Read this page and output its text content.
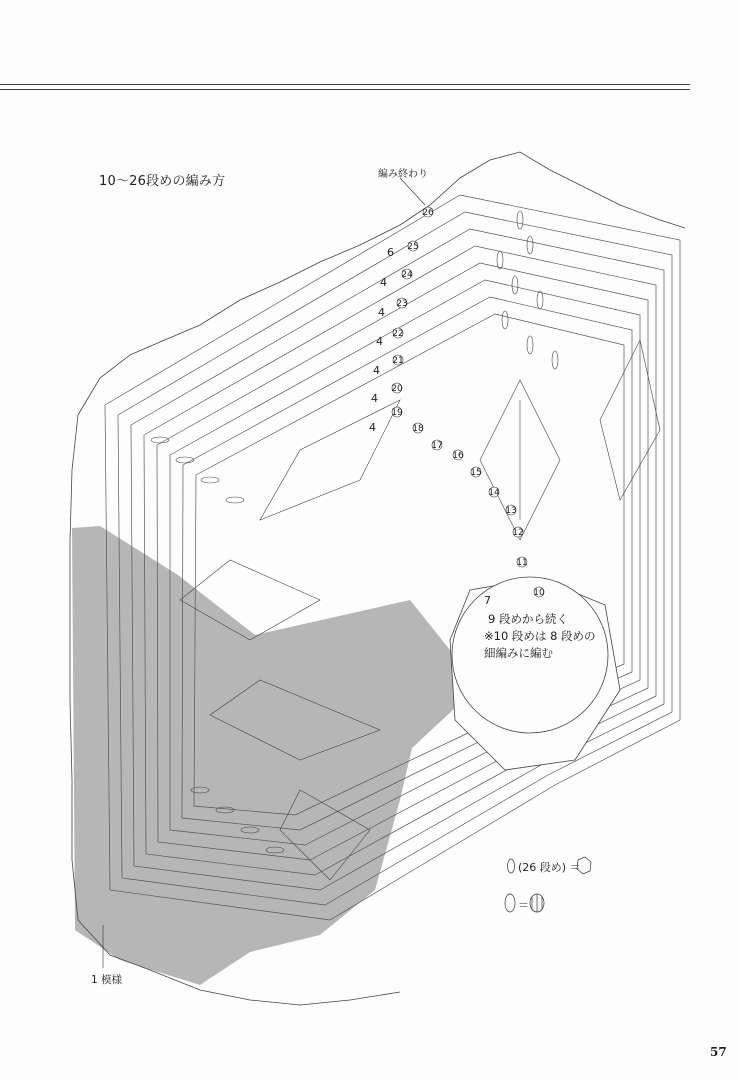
11
10
12
13
14
15
16
17
18
19
20
21
22
23
24
25
26
6
4
4
4
4
4
4
7
10〜26段めの編み方	編み終わり
9 段めから続く
※10 段めは 8 段めの
細編みに編む
1 模様
(26 段め) ＝
＝
57
